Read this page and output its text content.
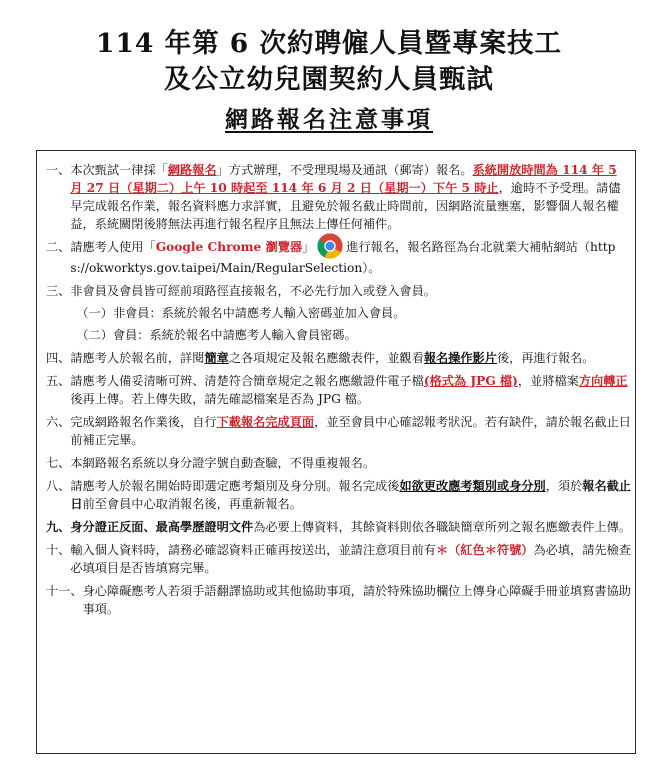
114 年第 6 次約聘僱人員暨專案技工
及公立幼兒園契約人員甄試
網路報名注意事項
一、 本次甄試一律採「網路報名」方式辦理，不受理現場及通訊（郵寄）報名。系統開放時間為 114 年 5 月 27 日（星期二）上午 10 時起至 114 年 6 月 2 日（星期一）下午 5 時止，逾時不予受理。請儘早完成報名作業，報名資料應力求詳實，且避免於報名截止時間前，因網路流量壅塞，影響個人報名權益，系統關閉後將無法再進行報名程序且無法上傳任何補件。
二、 請應考人使用「Google Chrome 瀏覽器」	進行報名，報名路徑為台北就業大補帖網站（https://okworktys.gov.taipei/Main/RegularSelection）。
三、 非會員及會員皆可經前項路徑直接報名，不必先行加入或登入會員。
（一）非會員：系統於報名中請應考人輸入密碼並加入會員。
（二）會員：系統於報名中請應考人輸入會員密碼。
四、 請應考人於報名前，詳閱簡章之各項規定及報名應繳表件，並觀看報名操作影片後，再進行報名。
五、 請應考人備妥清晰可辨、清楚符合簡章規定之報名應繳證件電子檔(格式為 JPG 檔)，並將檔案方向轉正後再上傳。若上傳失敗，請先確認檔案是否為 JPG 檔。
六、 完成網路報名作業後，自行下載報名完成頁面，並至會員中心確認報考狀況。若有缺件，請於報名截止日前補正完畢。
七、 本網路報名系統以身分證字號自動查驗，不得重複報名。
八、 請應考人於報名開始時即選定應考類別及身分別。報名完成後如欲更改應考類別或身分別，須於報名截止日前至會員中心取消報名後，再重新報名。
九、 身分證正反面、最高學歷證明文件為必要上傳資料，其餘資料則依各職缺簡章所列之報名應繳表件上傳。
十、 輸入個人資料時，請務必確認資料正確再按送出，並請注意項目前有＊（紅色＊符號）為必填，請先檢查必填項目是否皆填寫完畢。
十一、 身心障礙應考人若須手語翻譯協助或其他協助事項，請於特殊協助欄位上傳身心障礙手冊並填寫書協助事項。
